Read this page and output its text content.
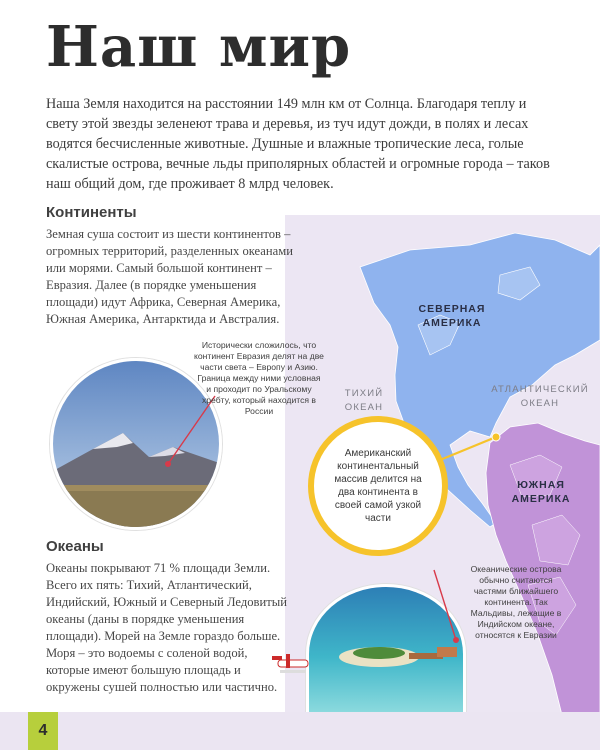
Наш мир

Наша Земля находится на расстоянии 149 млн км от Солнца. Благодаря теплу и свету этой звезды зеленеют трава и деревья, из туч идут дожди, в полях и лесах водятся бесчисленные животные. Душные и влажные тропические леса, голые скалистые острова, вечные льды приполярных областей и огромные города – таков наш общий дом, где проживает 8 млрд человек.

Континенты

Земная суша состоит из шести континентов – огромных территорий, разделенных океанами или морями. Самый большой континент – Евразия. Далее (в порядке уменьшения площади) идут Африка, Северная Америка, Южная Америка, Антарктида и Австралия.

СЕВЕРНАЯ АМЕРИКА
ЮЖНАЯ АМЕРИКА
ТИХИЙ ОКЕАН
АТЛАНТИЧЕСКИЙ ОКЕАН
Американский континентальный массив делится на два континента в своей самой узкой части

Исторически сложилось, что континент Евразия делят на две части света – Европу и Азию. Граница между ними условная и проходит по Уральскому хребту, который находится в России

Океаны

Океаны покрывают 71 % площади Земли. Всего их пять: Тихий, Атлантический, Индийский, Южный и Северный Ледовитый океаны (даны в порядке уменьшения площади). Морей на Земле гораздо больше. Моря – это водоемы с соленой водой, которые имеют большую площадь и окружены сушей полностью или частично.

Океанические острова обычно считаются частями ближайшего континента. Так Мальдивы, лежащие в Индийском океане, относятся к Евразии

4
